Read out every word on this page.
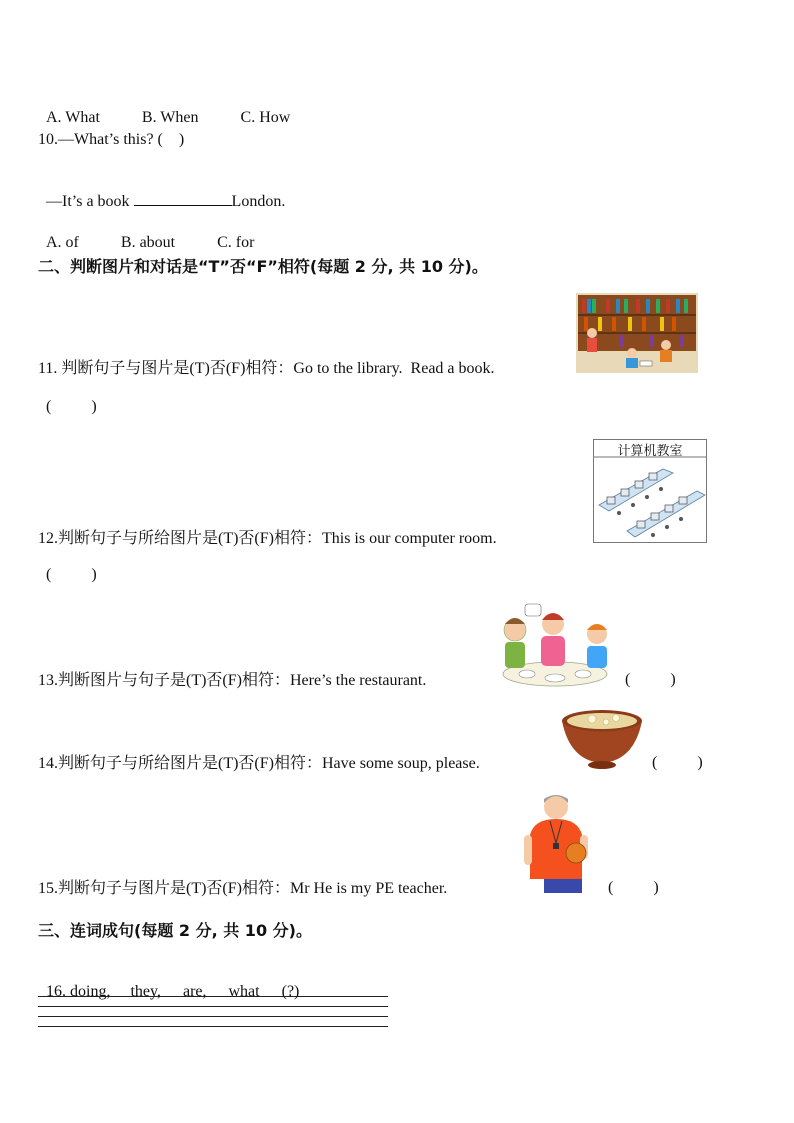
A. What	B. When	C. How

10.—What’s this? (    )

—It’s a book	London.

A. of	B. about	C. for

二、判断图片和对话是“T”否“F”相符(每题 2 分, 共 10 分)。
11. 判断句子与图片是(T)否(F)相符：Go to the library.  Read a book.
(          )
计算机教室
12.判断句子与所给图片是(T)否(F)相符：This is our computer room.
(          )
13.判断图片与句子是(T)否(F)相符：Here’s the restaurant.	(          )
14.判断句子与所给图片是(T)否(F)相符：Have some soup, please.	(          )
15.判断句子与图片是(T)否(F)相符：Mr He is my PE teacher.	(          )
三、连词成句(每题 2 分, 共 10 分)。

16. doing, they, are, what (?)
